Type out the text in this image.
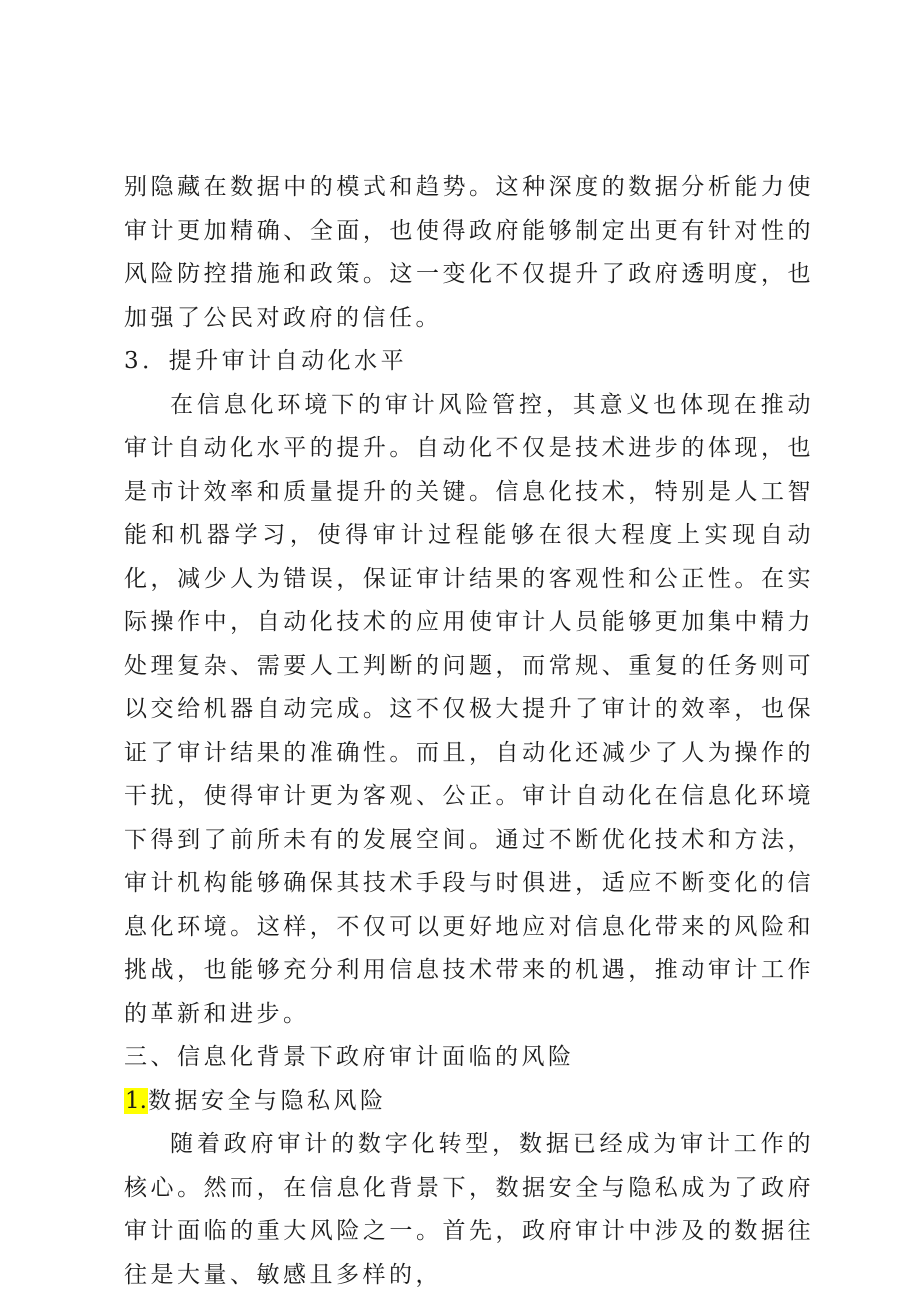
别隐藏在数据中的模式和趋势。这种深度的数据分析能力使审计更加精确、全面，也使得政府能够制定出更有针对性的风险防控措施和政策。这一变化不仅提升了政府透明度，也加强了公民对政府的信任。

3．提升审计自动化水平

在信息化环境下的审计风险管控，其意义也体现在推动审计自动化水平的提升。自动化不仅是技术进步的体现，也是市计效率和质量提升的关键。信息化技术，特别是人工智能和机器学习，使得审计过程能够在很大程度上实现自动化，减少人为错误，保证审计结果的客观性和公正性。在实际操作中，自动化技术的应用使审计人员能够更加集中精力处理复杂、需要人工判断的问题，而常规、重复的任务则可以交给机器自动完成。这不仅极大提升了审计的效率，也保证了审计结果的准确性。而且，自动化还减少了人为操作的干扰，使得审计更为客观、公正。审计自动化在信息化环境下得到了前所未有的发展空间。通过不断优化技术和方法，审计机构能够确保其技术手段与时俱进，适应不断变化的信息化环境。这样，不仅可以更好地应对信息化带来的风险和挑战，也能够充分利用信息技术带来的机遇，推动审计工作的革新和进步。

三、信息化背景下政府审计面临的风险

1.数据安全与隐私风险

随着政府审计的数字化转型，数据已经成为审计工作的核心。然而，在信息化背景下，数据安全与隐私成为了政府审计面临的重大风险之一。首先，政府审计中涉及的数据往往是大量、敏感且多样的，
